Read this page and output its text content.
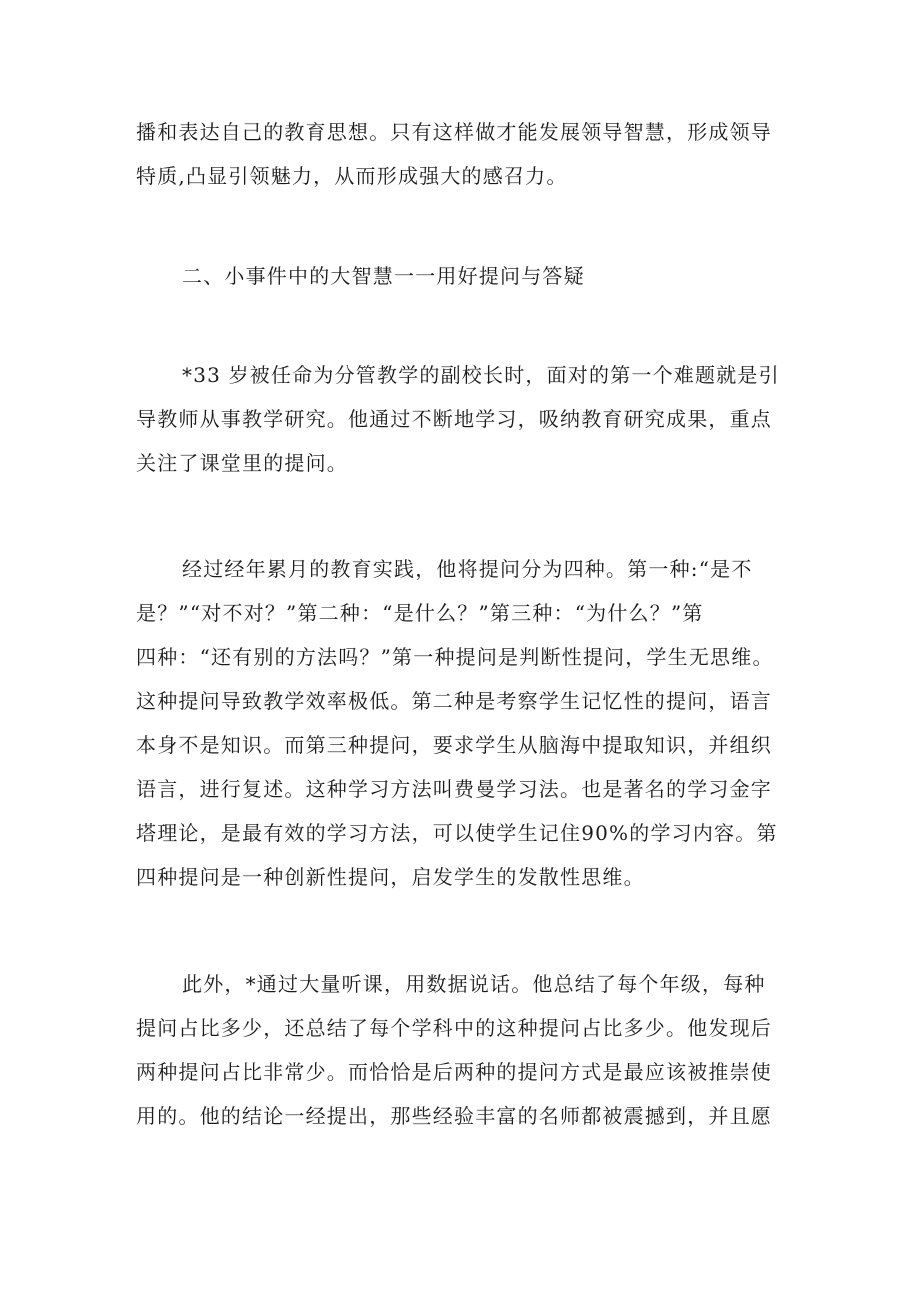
播和表达自己的教育思想。只有这样做才能发展领导智慧，形成领导
特质,凸显引领魅力，从而形成强大的感召力。
二、小事件中的大智慧一一用好提问与答疑
*33 岁被任命为分管教学的副校长时，面对的第一个难题就是引
导教师从事教学研究。他通过不断地学习，吸纳教育研究成果，重点
关注了课堂里的提问。
经过经年累月的教育实践，他将提问分为四种。第一种:“是不
是？”“对不对？”第二种：“是什么？”第三种：“为什么？”第
四种：“还有别的方法吗？”第一种提问是判断性提问，学生无思维。
这种提问导致教学效率极低。第二种是考察学生记忆性的提问，语言
本身不是知识。而第三种提问，要求学生从脑海中提取知识，并组织
语言，进行复述。这种学习方法叫费曼学习法。也是著名的学习金字
塔理论，是最有效的学习方法，可以使学生记住90%的学习内容。第
四种提问是一种创新性提问，启发学生的发散性思维。
此外，*通过大量听课，用数据说话。他总结了每个年级，每种
提问占比多少，还总结了每个学科中的这种提问占比多少。他发现后
两种提问占比非常少。而恰恰是后两种的提问方式是最应该被推崇使
用的。他的结论一经提出，那些经验丰富的名师都被震撼到，并且愿
